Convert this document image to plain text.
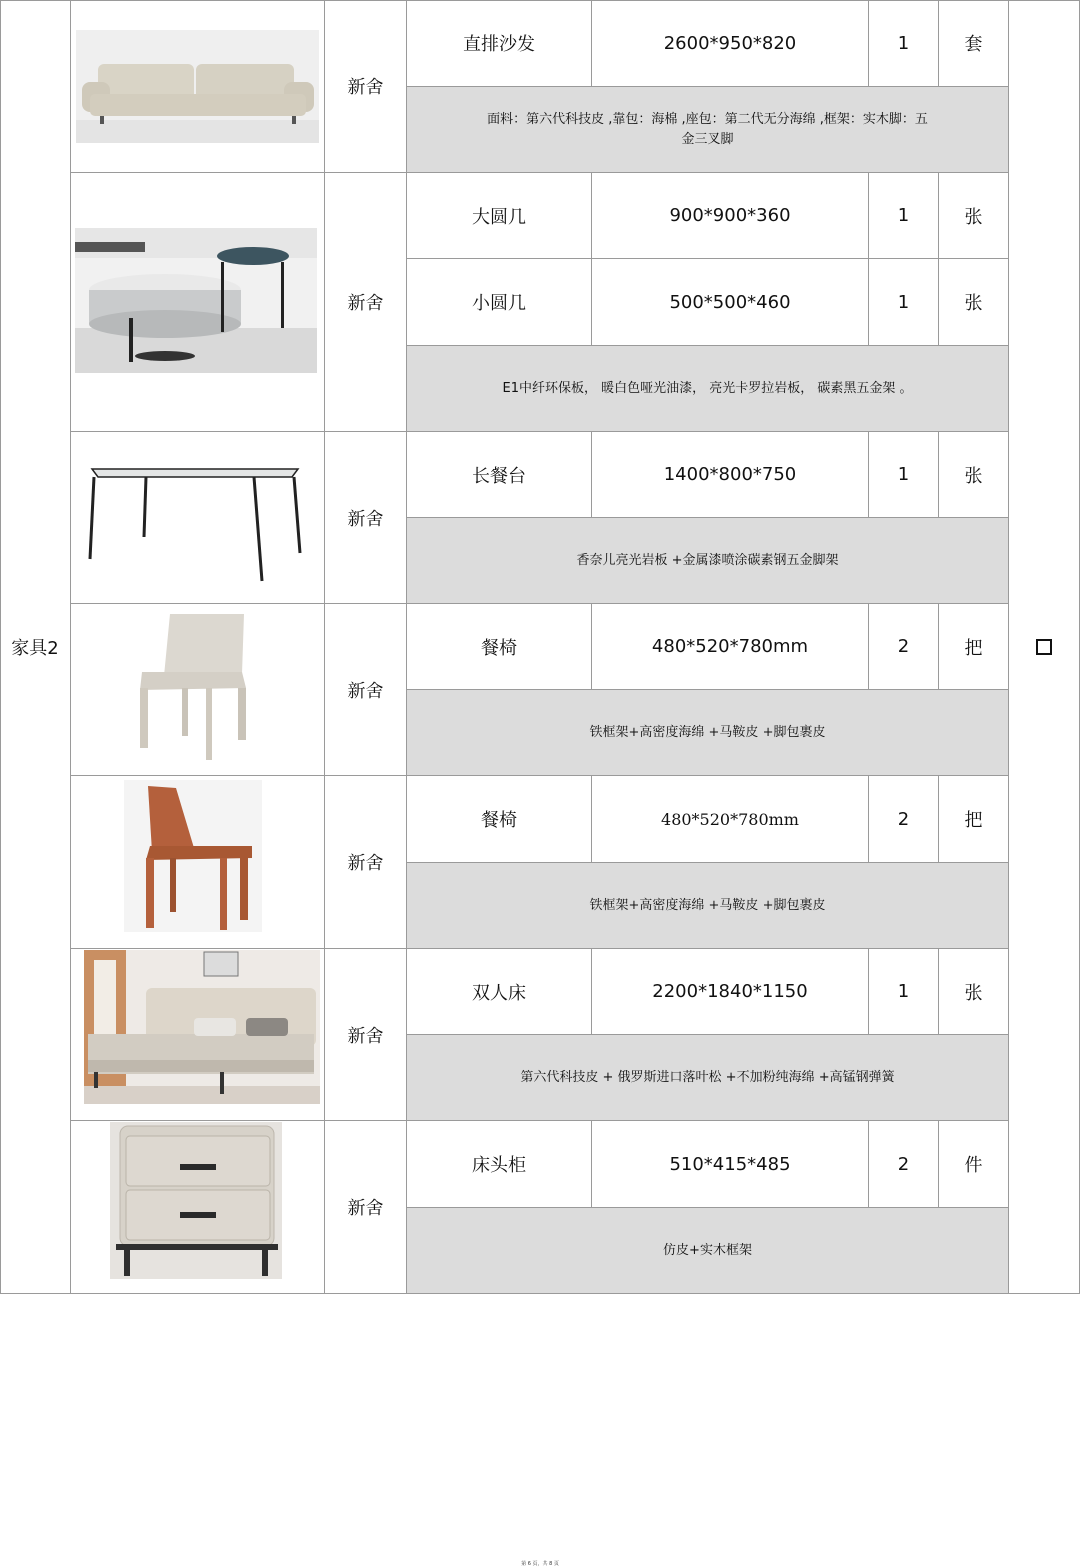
家具2
新舍
直排沙发	2600*950*820	1	套
面料：第六代科技皮 ,靠包：海棉 ,座包：第二代无分海绵 ,框架：实木脚：五金三叉脚
新舍
大圆几	900*900*360	1	张
小圆几	500*500*460	1	张
E1中纤环保板， 暖白色哑光油漆， 亮光卡罗拉岩板， 碳素黑五金架 。
新舍
长餐台	1400*800*750	1	张
香奈儿亮光岩板 +金属漆喷涂碳素钢五金脚架
新舍
餐椅	480*520*780mm	2	把
铁框架+高密度海绵 +马鞍皮 +脚包裹皮
新舍
餐椅	480*520*780mm	2	把
铁框架+高密度海绵 +马鞍皮 +脚包裹皮
新舍
双人床	2200*1840*1150	1	张
第六代科技皮 + 俄罗斯进口落叶松 +不加粉纯海绵 +高锰钢弹簧
新舍
床头柜	510*415*485	2	件
仿皮+实木框架
第 6 页，共 8 页
